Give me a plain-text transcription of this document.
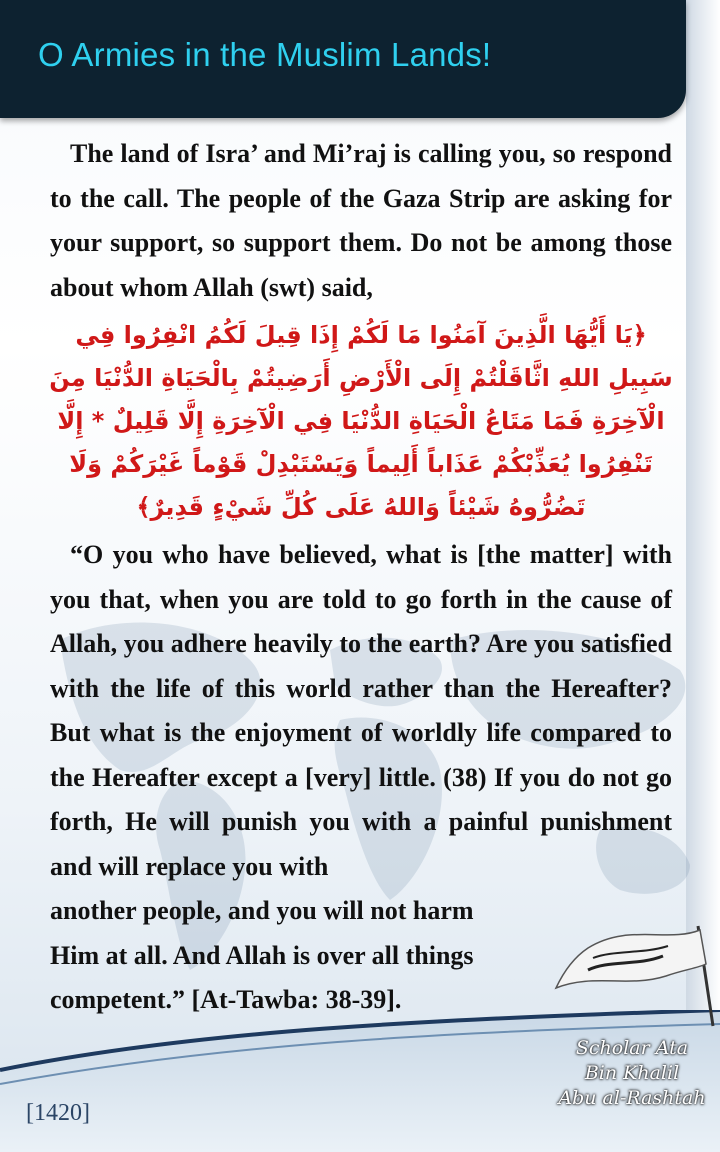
O Armies in the Muslim Lands!

The land of Isra’ and Mi’raj is calling you, so respond to the call. The people of the Gaza Strip are asking for your support, so support them. Do not be among those about whom Allah (swt) said,

﴿يَا أَيُّهَا الَّذِينَ آمَنُوا مَا لَكُمْ إِذَا قِيلَ لَكُمُ انْفِرُوا فِي سَبِيلِ اللهِ اثَّاقَلْتُمْ إِلَى الْأَرْضِ أَرَضِيتُمْ بِالْحَيَاةِ الدُّنْيَا مِنَ الْآخِرَةِ فَمَا مَتَاعُ الْحَيَاةِ الدُّنْيَا فِي الْآخِرَةِ إِلَّا قَلِيلٌ * إِلَّا تَنْفِرُوا يُعَذِّبْكُمْ عَذَاباً أَلِيماً وَيَسْتَبْدِلْ قَوْماً غَيْرَكُمْ وَلَا تَضُرُّوهُ شَيْئاً وَاللهُ عَلَى كُلِّ شَيْءٍ قَدِيرٌ﴾

“O you who have believed, what is [the matter] with you that, when you are told to go forth in the cause of Allah, you adhere heavily to the earth? Are you satisfied with the life of this world rather than the Hereafter? But what is the enjoyment of worldly life compared to the Hereafter except a [very] little. (38) If you do not go forth, He will punish you with a painful punishment and will replace you with

another people, and you will not harm

Him at all. And Allah is over all things

competent.” [At-Tawba: 38-39].

[1420]
Scholar Ata
Bin Khalil
Abu al-Rashtah
